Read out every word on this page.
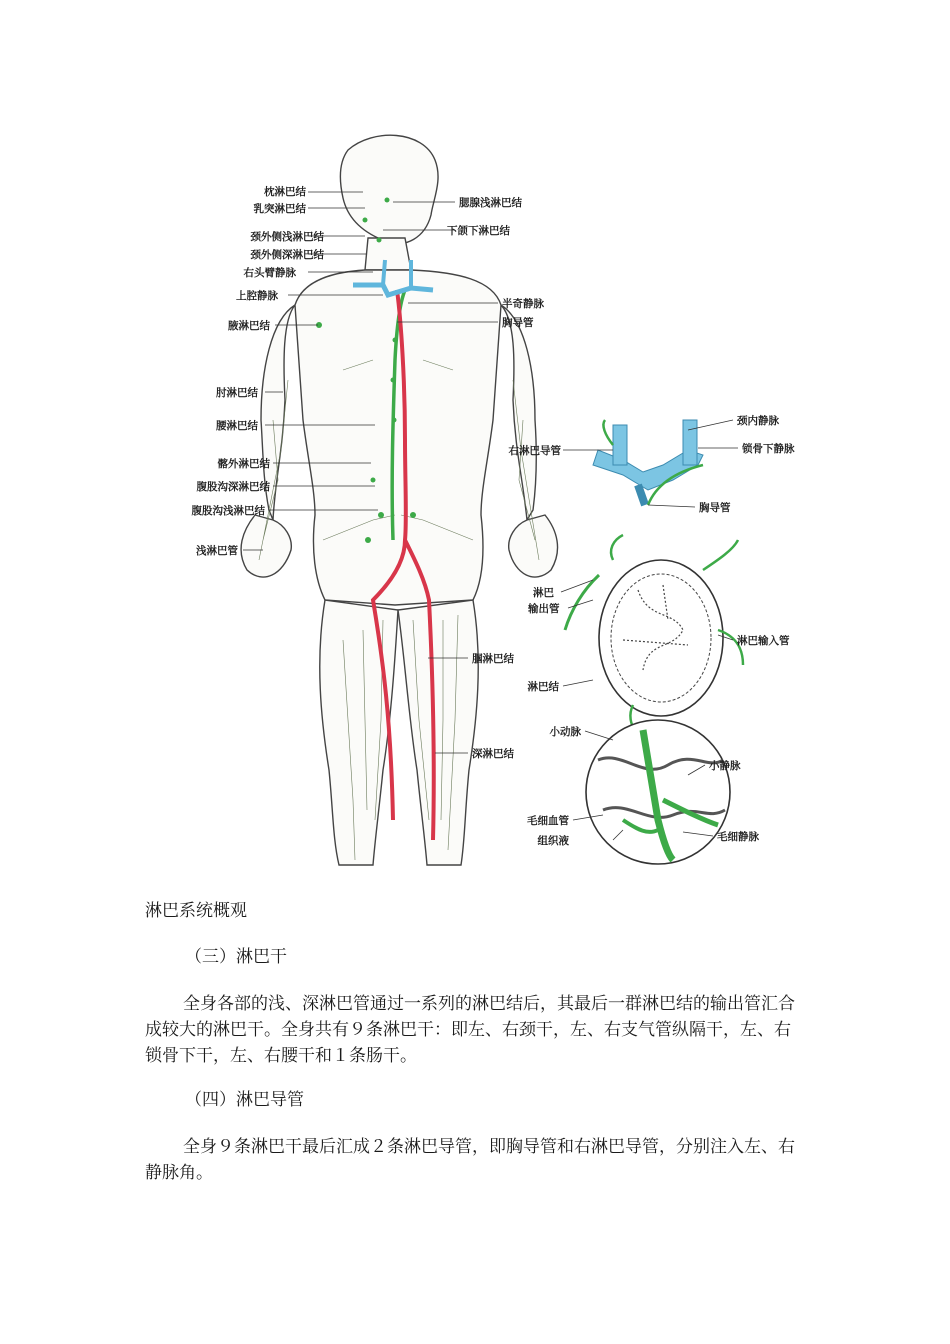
枕淋巴结
乳突淋巴结
颈外侧浅淋巴结
颈外侧深淋巴结
右头臂静脉
上腔静脉
腋淋巴结
肘淋巴结
腰淋巴结
髂外淋巴结
腹股沟深淋巴结
腹股沟浅淋巴结
浅淋巴管
腮腺浅淋巴结
下颌下淋巴结
半奇静脉
胸导管
腘淋巴结
深淋巴结
颈内静脉
右淋巴导管	锁骨下静脉
胸导管
淋巴
输出管
淋巴输入管
淋巴结
小动脉
小静脉
毛细血管
组织液	毛细静脉
淋巴系统概观
（三）淋巴干
全身各部的浅、深淋巴管通过一系列的淋巴结后，其最后一群淋巴结的输出管汇合成较大的淋巴干。全身共有９条淋巴干：即左、右颈干，左、右支气管纵隔干，左、右锁骨下干，左、右腰干和１条肠干。
（四）淋巴导管
全身９条淋巴干最后汇成２条淋巴导管，即胸导管和右淋巴导管，分别注入左、右静脉角。
